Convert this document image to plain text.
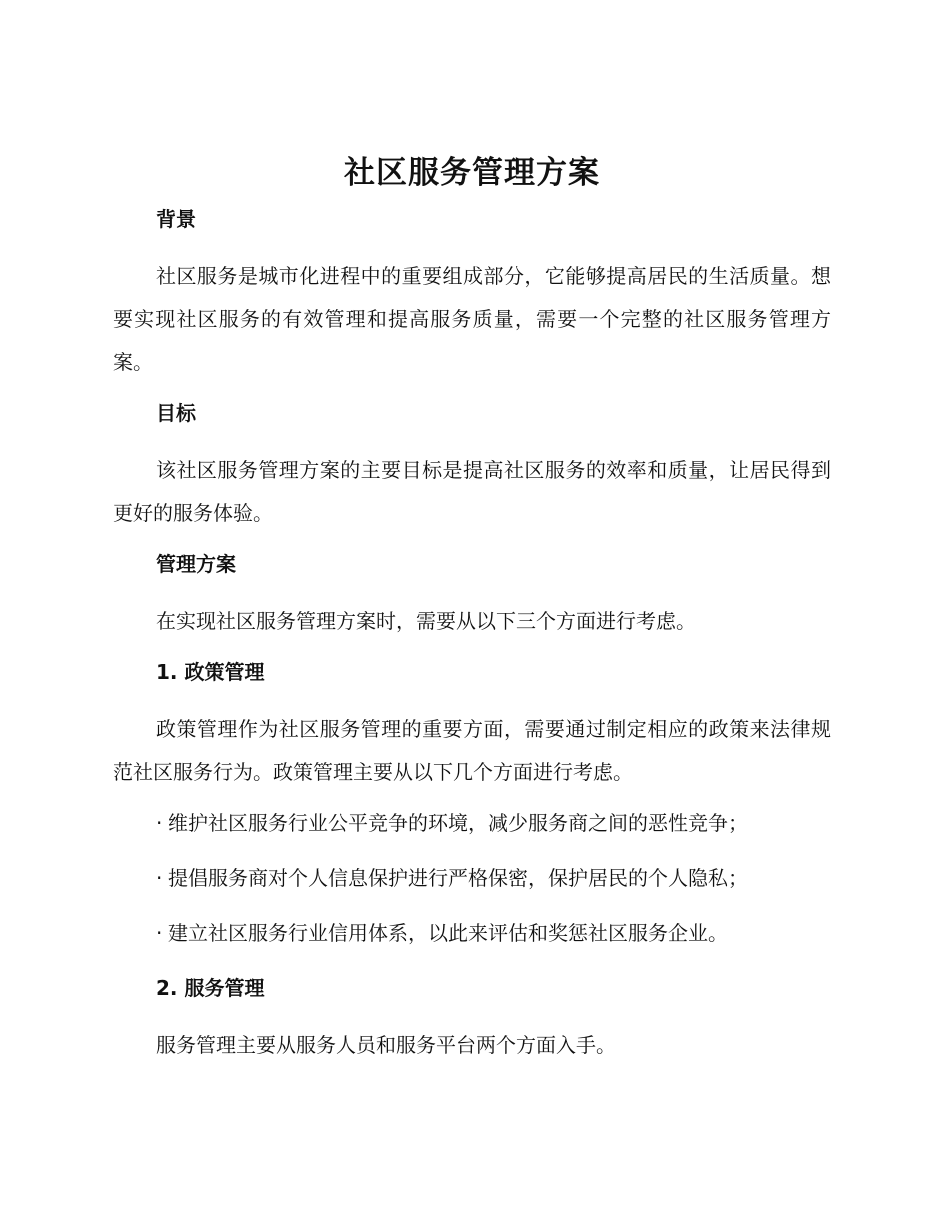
社区服务管理方案
背景

社区服务是城市化进程中的重要组成部分，它能够提高居民的生活质量。想要实现社区服务的有效管理和提高服务质量，需要一个完整的社区服务管理方案。

目标

该社区服务管理方案的主要目标是提高社区服务的效率和质量，让居民得到更好的服务体验。

管理方案

在实现社区服务管理方案时，需要从以下三个方面进行考虑。

1. 政策管理

政策管理作为社区服务管理的重要方面，需要通过制定相应的政策来法律规范社区服务行为。政策管理主要从以下几个方面进行考虑。

· 维护社区服务行业公平竞争的环境，减少服务商之间的恶性竞争；
· 提倡服务商对个人信息保护进行严格保密，保护居民的个人隐私；
· 建立社区服务行业信用体系，以此来评估和奖惩社区服务企业。
2. 服务管理

服务管理主要从服务人员和服务平台两个方面入手。
